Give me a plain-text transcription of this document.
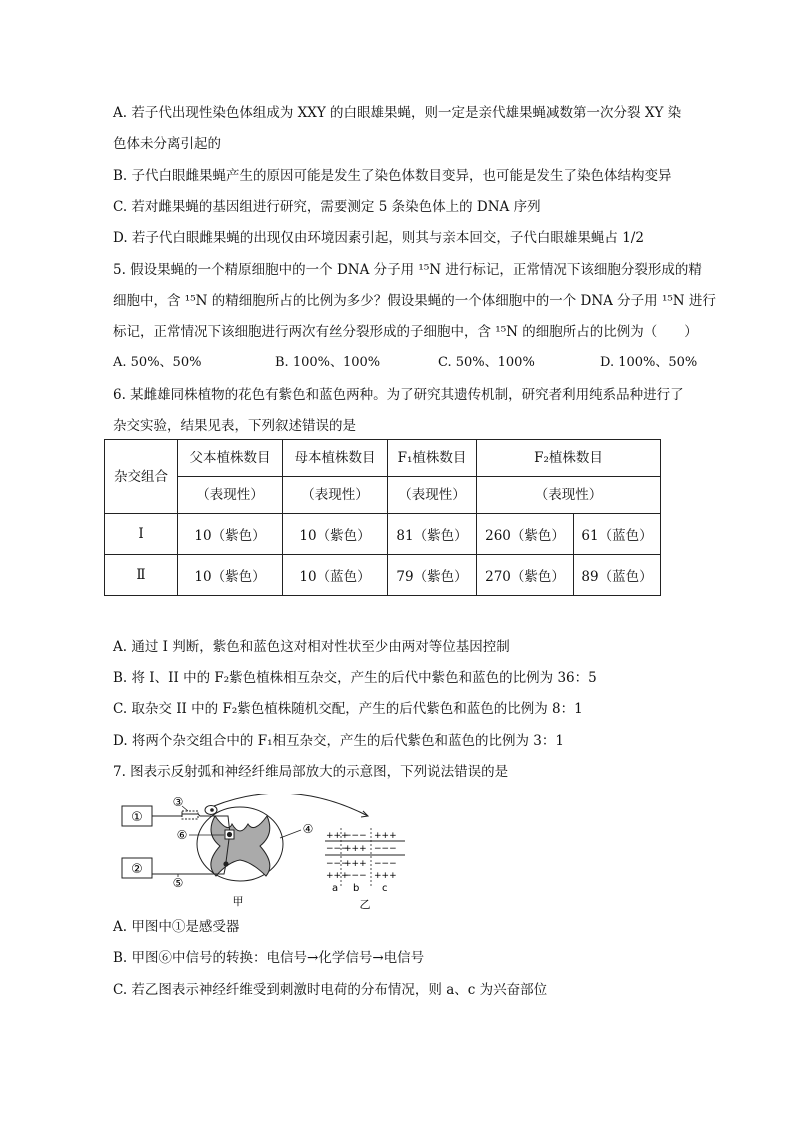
A. 若子代出现性染色体组成为 XXY 的白眼雄果蝇，则一定是亲代雄果蝇减数第一次分裂 XY 染
色体未分离引起的
B. 子代白眼雌果蝇产生的原因可能是发生了染色体数目变异，也可能是发生了染色体结构变异
C. 若对雌果蝇的基因组进行研究，需要测定 5 条染色体上的 DNA 序列
D. 若子代白眼雌果蝇的出现仅由环境因素引起，则其与亲本回交，子代白眼雄果蝇占 1/2
5. 假设果蝇的一个精原细胞中的一个 DNA 分子用 ¹⁵N 进行标记，正常情况下该细胞分裂形成的精
细胞中，含 ¹⁵N 的精细胞所占的比例为多少？假设果蝇的一个体细胞中的一个 DNA 分子用 ¹⁵N 进行
标记，正常情况下该细胞进行两次有丝分裂形成的子细胞中，含 ¹⁵N 的细胞所占的比例为（　　）
A. 50%、50%	B. 100%、100%	C. 50%、100%	D. 100%、50%
6. 某雌雄同株植物的花色有紫色和蓝色两种。为了研究其遗传机制，研究者利用纯系品种进行了
杂交实验，结果见表，下列叙述错误的是
杂交组合	父本植株数目	母本植株数目	F₁植株数目	F₂植株数目	
	（表现性）	（表现性）	（表现性）	（表现性）	
Ⅰ	10（紫色）	10（紫色）	81（紫色）	260（紫色）	61（蓝色）
Ⅱ	10（紫色）	10（蓝色）	79（紫色）	270（紫色）	89（蓝色）
A. 通过 I 判断，紫色和蓝色这对相对性状至少由两对等位基因控制
B. 将 I、II 中的 F₂紫色植株相互杂交，产生的后代中紫色和蓝色的比例为 36：5
C. 取杂交 II 中的 F₂紫色植株随机交配，产生的后代紫色和蓝色的比例为 8：1
D. 将两个杂交组合中的 F₁相互杂交，产生的后代紫色和蓝色的比例为 3：1
7. 图表示反射弧和神经纤维局部放大的示意图，下列说法错误的是
①
②
③
⑥	④
⑤
甲
+++
−−− +++
−−−
+++ −−−
−−−
+++ −−−
+++
−−− +++
a b c
乙
A. 甲图中①是感受器
B. 甲图⑥中信号的转换：电信号→化学信号→电信号
C. 若乙图表示神经纤维受到刺激时电荷的分布情况，则 a、c 为兴奋部位
